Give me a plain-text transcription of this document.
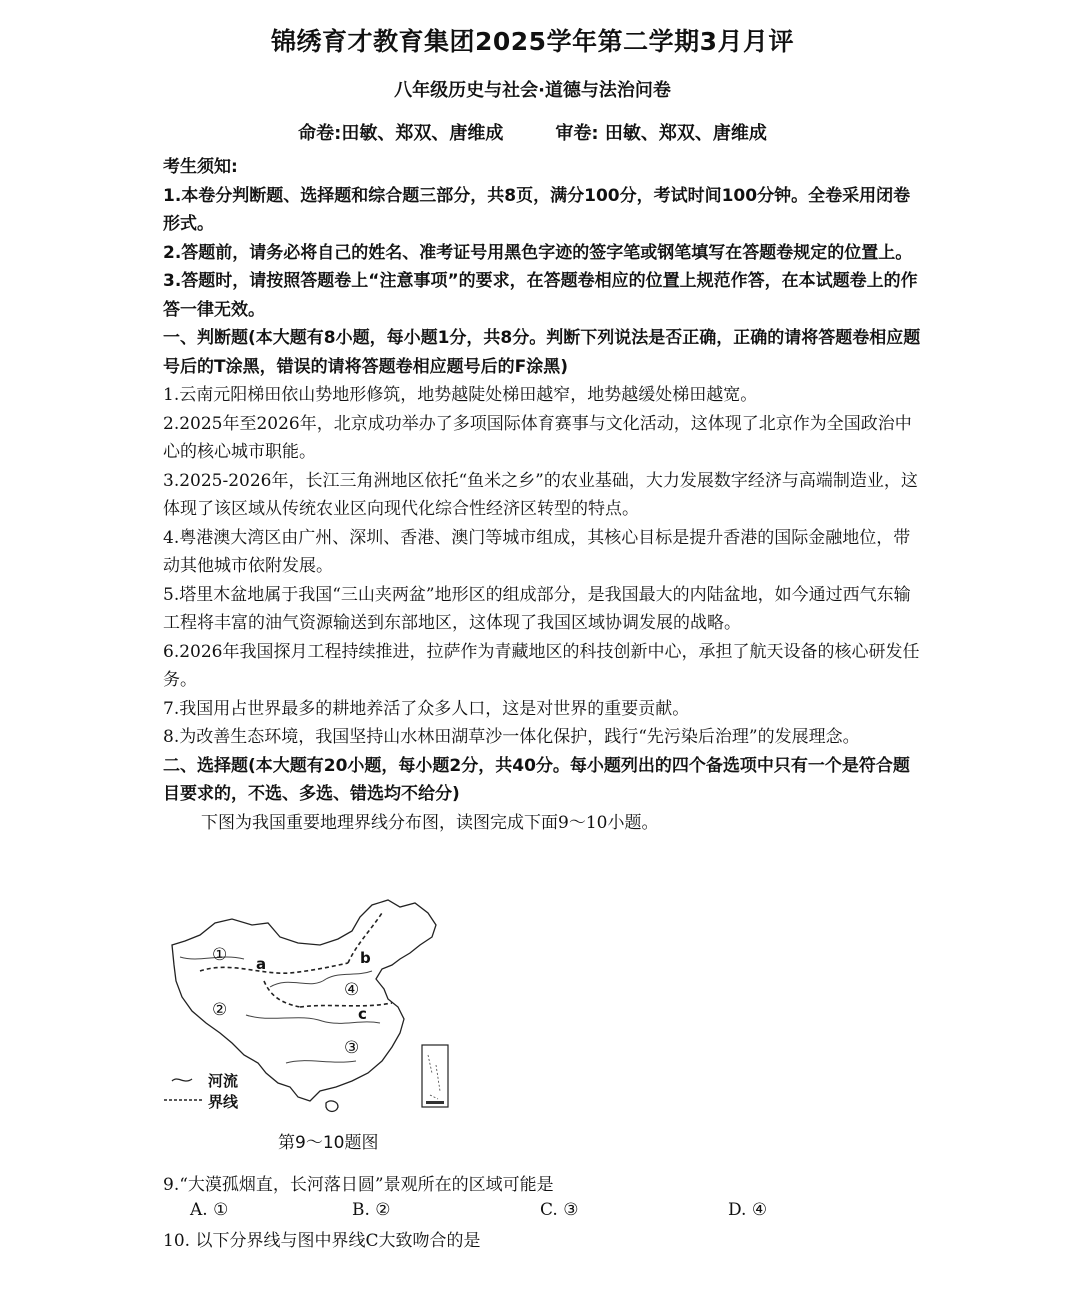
锦绣育才教育集团2025学年第二学期3月月评
八年级历史与社会·道德与法治问卷
命卷:田敏、郑双、唐维成	审卷: 田敏、郑双、唐维成
考生须知:
1.本卷分判断题、选择题和综合题三部分，共8页，满分100分，考试时间100分钟。全卷采用闭卷形式。
2.答题前，请务必将自己的姓名、准考证号用黑色字迹的签字笔或钢笔填写在答题卷规定的位置上。
3.答题时，请按照答题卷上“注意事项”的要求，在答题卷相应的位置上规范作答，在本试题卷上的作答一律无效。
一、判断题(本大题有8小题，每小题1分，共8分。判断下列说法是否正确，正确的请将答题卷相应题号后的T涂黑，错误的请将答题卷相应题号后的F涂黑)
1.云南元阳梯田依山势地形修筑，地势越陡处梯田越窄，地势越缓处梯田越宽。
2.2025年至2026年，北京成功举办了多项国际体育赛事与文化活动，这体现了北京作为全国政治中心的核心城市职能。
3.2025-2026年，长江三角洲地区依托“鱼米之乡”的农业基础，大力发展数字经济与高端制造业，这体现了该区域从传统农业区向现代化综合性经济区转型的特点。
4.粤港澳大湾区由广州、深圳、香港、澳门等城市组成，其核心目标是提升香港的国际金融地位，带动其他城市依附发展。
5.塔里木盆地属于我国“三山夹两盆”地形区的组成部分，是我国最大的内陆盆地，如今通过西气东输工程将丰富的油气资源输送到东部地区，这体现了我国区域协调发展的战略。
6.2026年我国探月工程持续推进，拉萨作为青藏地区的科技创新中心，承担了航天设备的核心研发任务。
7.我国用占世界最多的耕地养活了众多人口，这是对世界的重要贡献。
8.为改善生态环境，我国坚持山水林田湖草沙一体化保护，践行“先污染后治理”的发展理念。
二、选择题(本大题有20小题，每小题2分，共40分。每小题列出的四个备选项中只有一个是符合题目要求的，不选、多选、错选均不给分)
下图为我国重要地理界线分布图，读图完成下面9～10小题。
①
②
③
④
a	b
c
河流
界线
第9～10题图
9.“大漠孤烟直，长河落日圆”景观所在的区域可能是
A. ①	B. ②	C. ③	D. ④
10. 以下分界线与图中界线C大致吻合的是
